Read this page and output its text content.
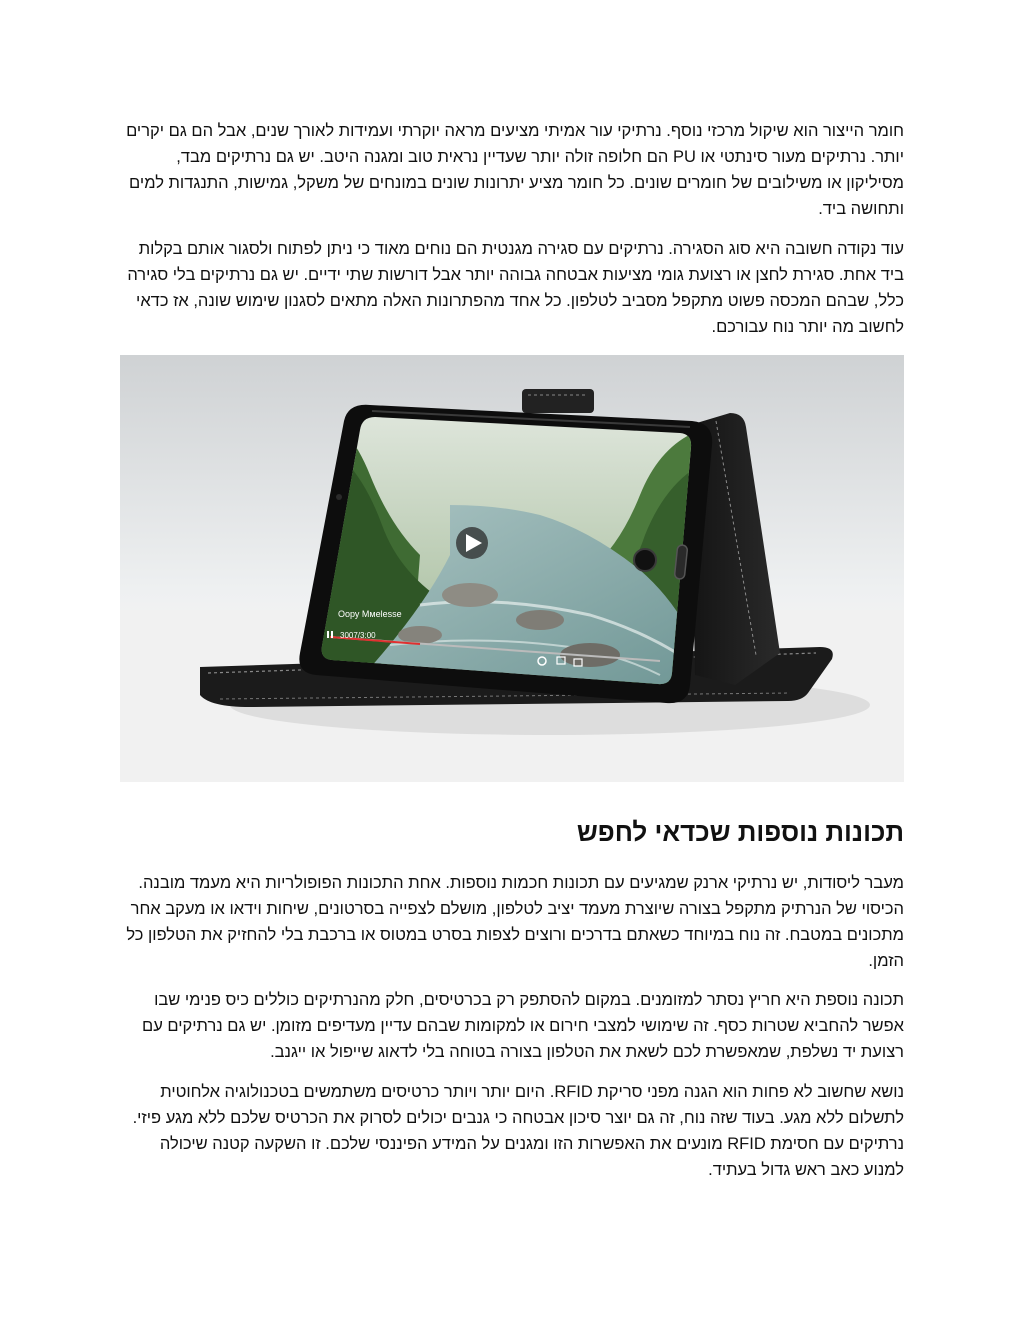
חומר הייצור הוא שיקול מרכזי נוסף. נרתיקי עור אמיתי מציעים מראה יוקרתי ועמידות לאורך שנים, אבל הם גם יקרים יותר. נרתיקים מעור סינתטי או PU הם חלופה זולה יותר שעדיין נראית טוב ומגנה היטב. יש גם נרתיקים מבד, מסיליקון או משילובים של חומרים שונים. כל חומר מציע יתרונות שונים במונחים של משקל, גמישות, התנגדות למים ותחושה ביד.

עוד נקודה חשובה היא סוג הסגירה. נרתיקים עם סגירה מגנטית הם נוחים מאוד כי ניתן לפתוח ולסגור אותם בקלות ביד אחת. סגירת לחצן או רצועת גומי מציעות אבטחה גבוהה יותר אבל דורשות שתי ידיים. יש גם נרתיקים בלי סגירה כלל, שבהם המכסה פשוט מתקפל מסביב לטלפון. כל אחד מהפתרונות האלה מתאים לסגנון שימוש שונה, אז כדאי לחשוב מה יותר נוח עבורכם.

Оору Ммеlesse
3007/3:00
תכונות נוספות שכדאי לחפש

מעבר ליסודות, יש נרתיקי ארנק שמגיעים עם תכונות חכמות נוספות. אחת התכונות הפופולריות היא מעמד מובנה. הכיסוי של הנרתיק מתקפל בצורה שיוצרת מעמד יציב לטלפון, מושלם לצפייה בסרטונים, שיחות וידאו או מעקב אחר מתכונים במטבח. זה נוח במיוחד כשאתם בדרכים ורוצים לצפות בסרט במטוס או ברכבת בלי להחזיק את הטלפון כל הזמן.

תכונה נוספת היא חריץ נסתר למזומנים. במקום להסתפק רק בכרטיסים, חלק מהנרתיקים כוללים כיס פנימי שבו אפשר להחביא שטרות כסף. זה שימושי למצבי חירום או למקומות שבהם עדיין מעדיפים מזומן. יש גם נרתיקים עם רצועת יד נשלפת, שמאפשרת לכם לשאת את הטלפון בצורה בטוחה בלי לדאוג שייפול או ייגנב.

נושא שחשוב לא פחות הוא הגנה מפני סריקת RFID. היום יותר ויותר כרטיסים משתמשים בטכנולוגיה אלחוטית לתשלום ללא מגע. בעוד שזה נוח, זה גם יוצר סיכון אבטחה כי גנבים יכולים לסרוק את הכרטיס שלכם ללא מגע פיזי. נרתיקים עם חסימת RFID מונעים את האפשרות הזו ומגנים על המידע הפיננסי שלכם. זו השקעה קטנה שיכולה למנוע כאב ראש גדול בעתיד.
